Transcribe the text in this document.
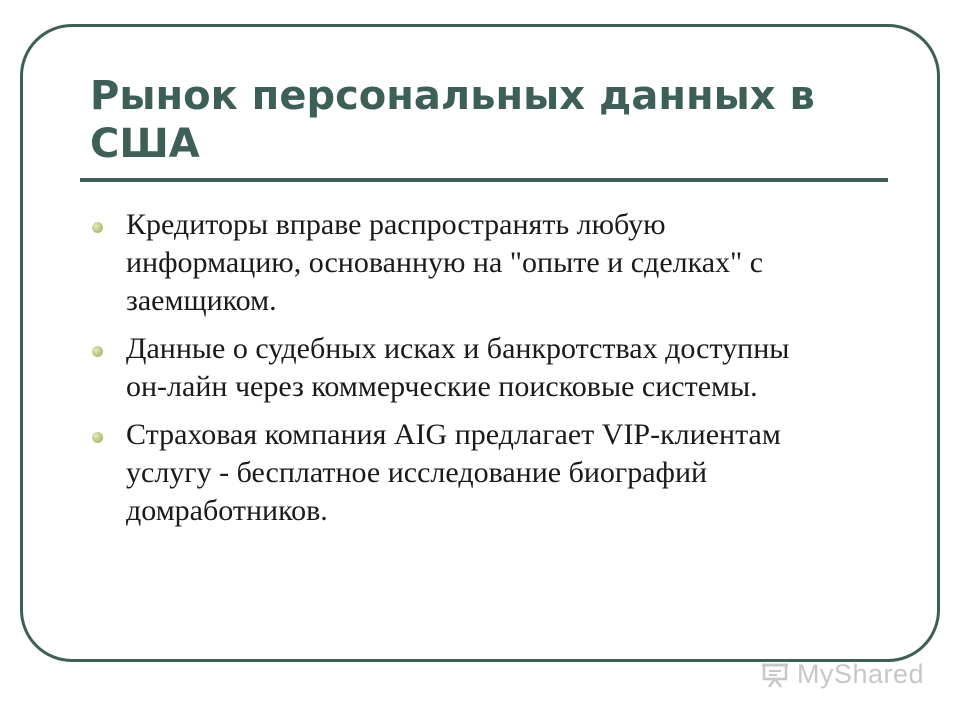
Рынок персональных данных в США
Кредиторы вправе распространять любую информацию, основанную на "опыте и сделках" с заемщиком.
Данные о судебных исках и банкротствах доступны он-лайн через коммерческие поисковые системы.
Страховая компания AIG предлагает VIP-клиентам услугу - бесплатное исследование биографий домработников.
MyShared
